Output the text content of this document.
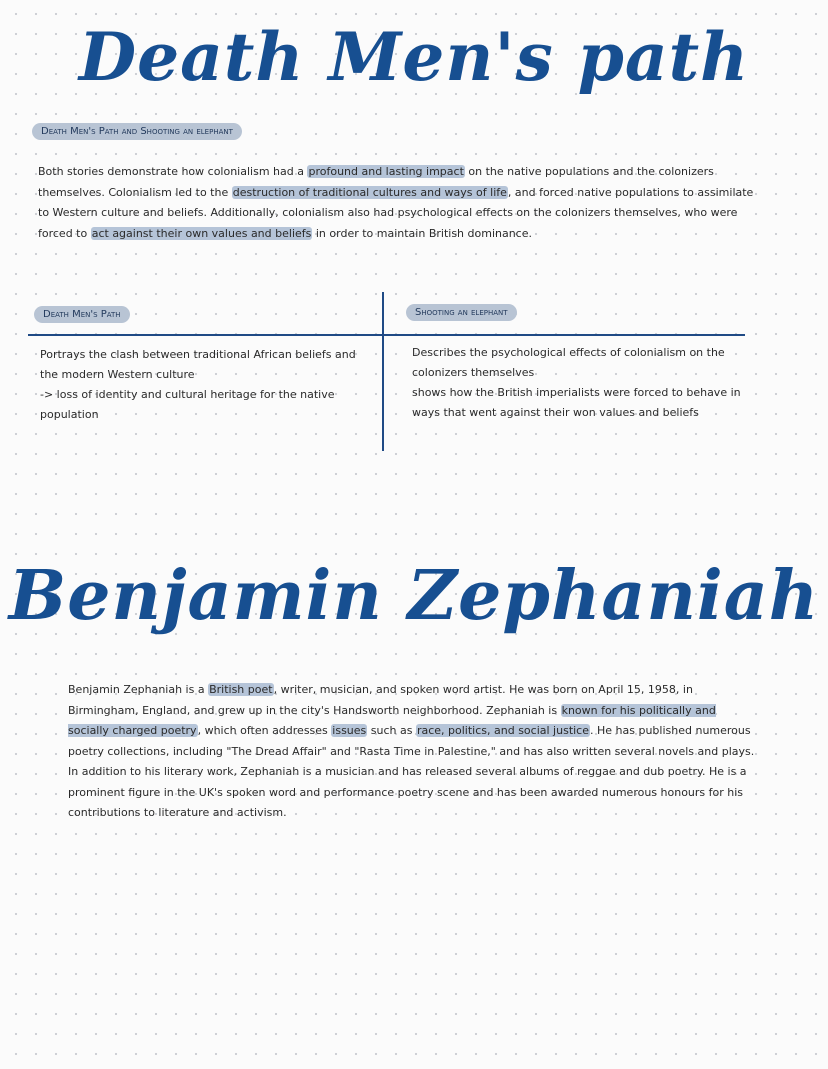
Death Men's path
Death Men's Path and Shooting an elephant

Both stories demonstrate how colonialism had a profound and lasting impact on the native populations and the colonizers themselves. Colonialism led to the destruction of traditional cultures and ways of life, and forced native populations to assimilate to Western culture and beliefs. Additionally, colonialism also had psychological effects on the colonizers themselves, who were forced to act against their own values and beliefs in order to maintain British dominance.

Death Men's Path	Shooting an elephant
Portrays the clash between traditional African beliefs and
the modern Western culture
-> loss of identity and cultural heritage for the native
population
Describes the psychological effects of colonialism on the
colonizers themselves
shows how the British imperialists were forced to behave in
ways that went against their won values and beliefs
Benjamin Zephaniah

Benjamin Zephaniah is a British poet, writer, musician, and spoken word artist. He was born on April 15, 1958, in Birmingham, England, and grew up in the city's Handsworth neighborhood. Zephaniah is known for his politically and socially charged poetry, which often addresses issues such as race, politics, and social justice. He has published numerous poetry collections, including "The Dread Affair" and "Rasta Time in Palestine," and has also written several novels and plays. In addition to his literary work, Zephaniah is a musician and has released several albums of reggae and dub poetry. He is a prominent figure in the UK's spoken word and performance poetry scene and has been awarded numerous honours for his contributions to literature and activism.
